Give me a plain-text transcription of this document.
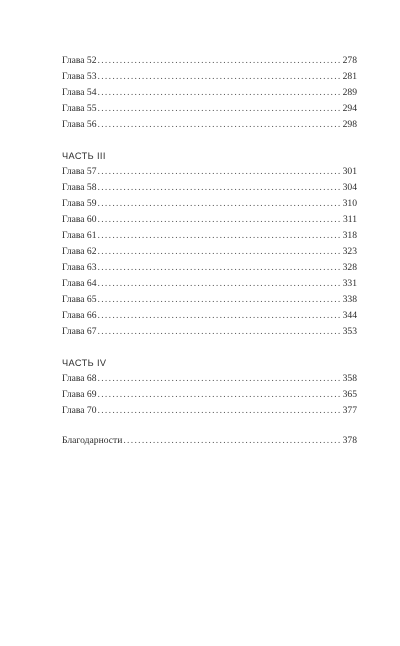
Глава 52 .....	278
Глава 53 .....	281
Глава 54 .....	289
Глава 55 .....	294
Глава 56 .....	298
ЧАСТЬ III
Глава 57 .....	301
Глава 58 .....	304
Глава 59 .....	310
Глава 60 .....	311
Глава 61 .....	318
Глава 62 .....	323
Глава 63 .....	328
Глава 64 .....	331
Глава 65 .....	338
Глава 66 .....	344
Глава 67 .....	353
ЧАСТЬ IV
Глава 68 .....	358
Глава 69 .....	365
Глава 70 .....	377
Благодарности .....	378
